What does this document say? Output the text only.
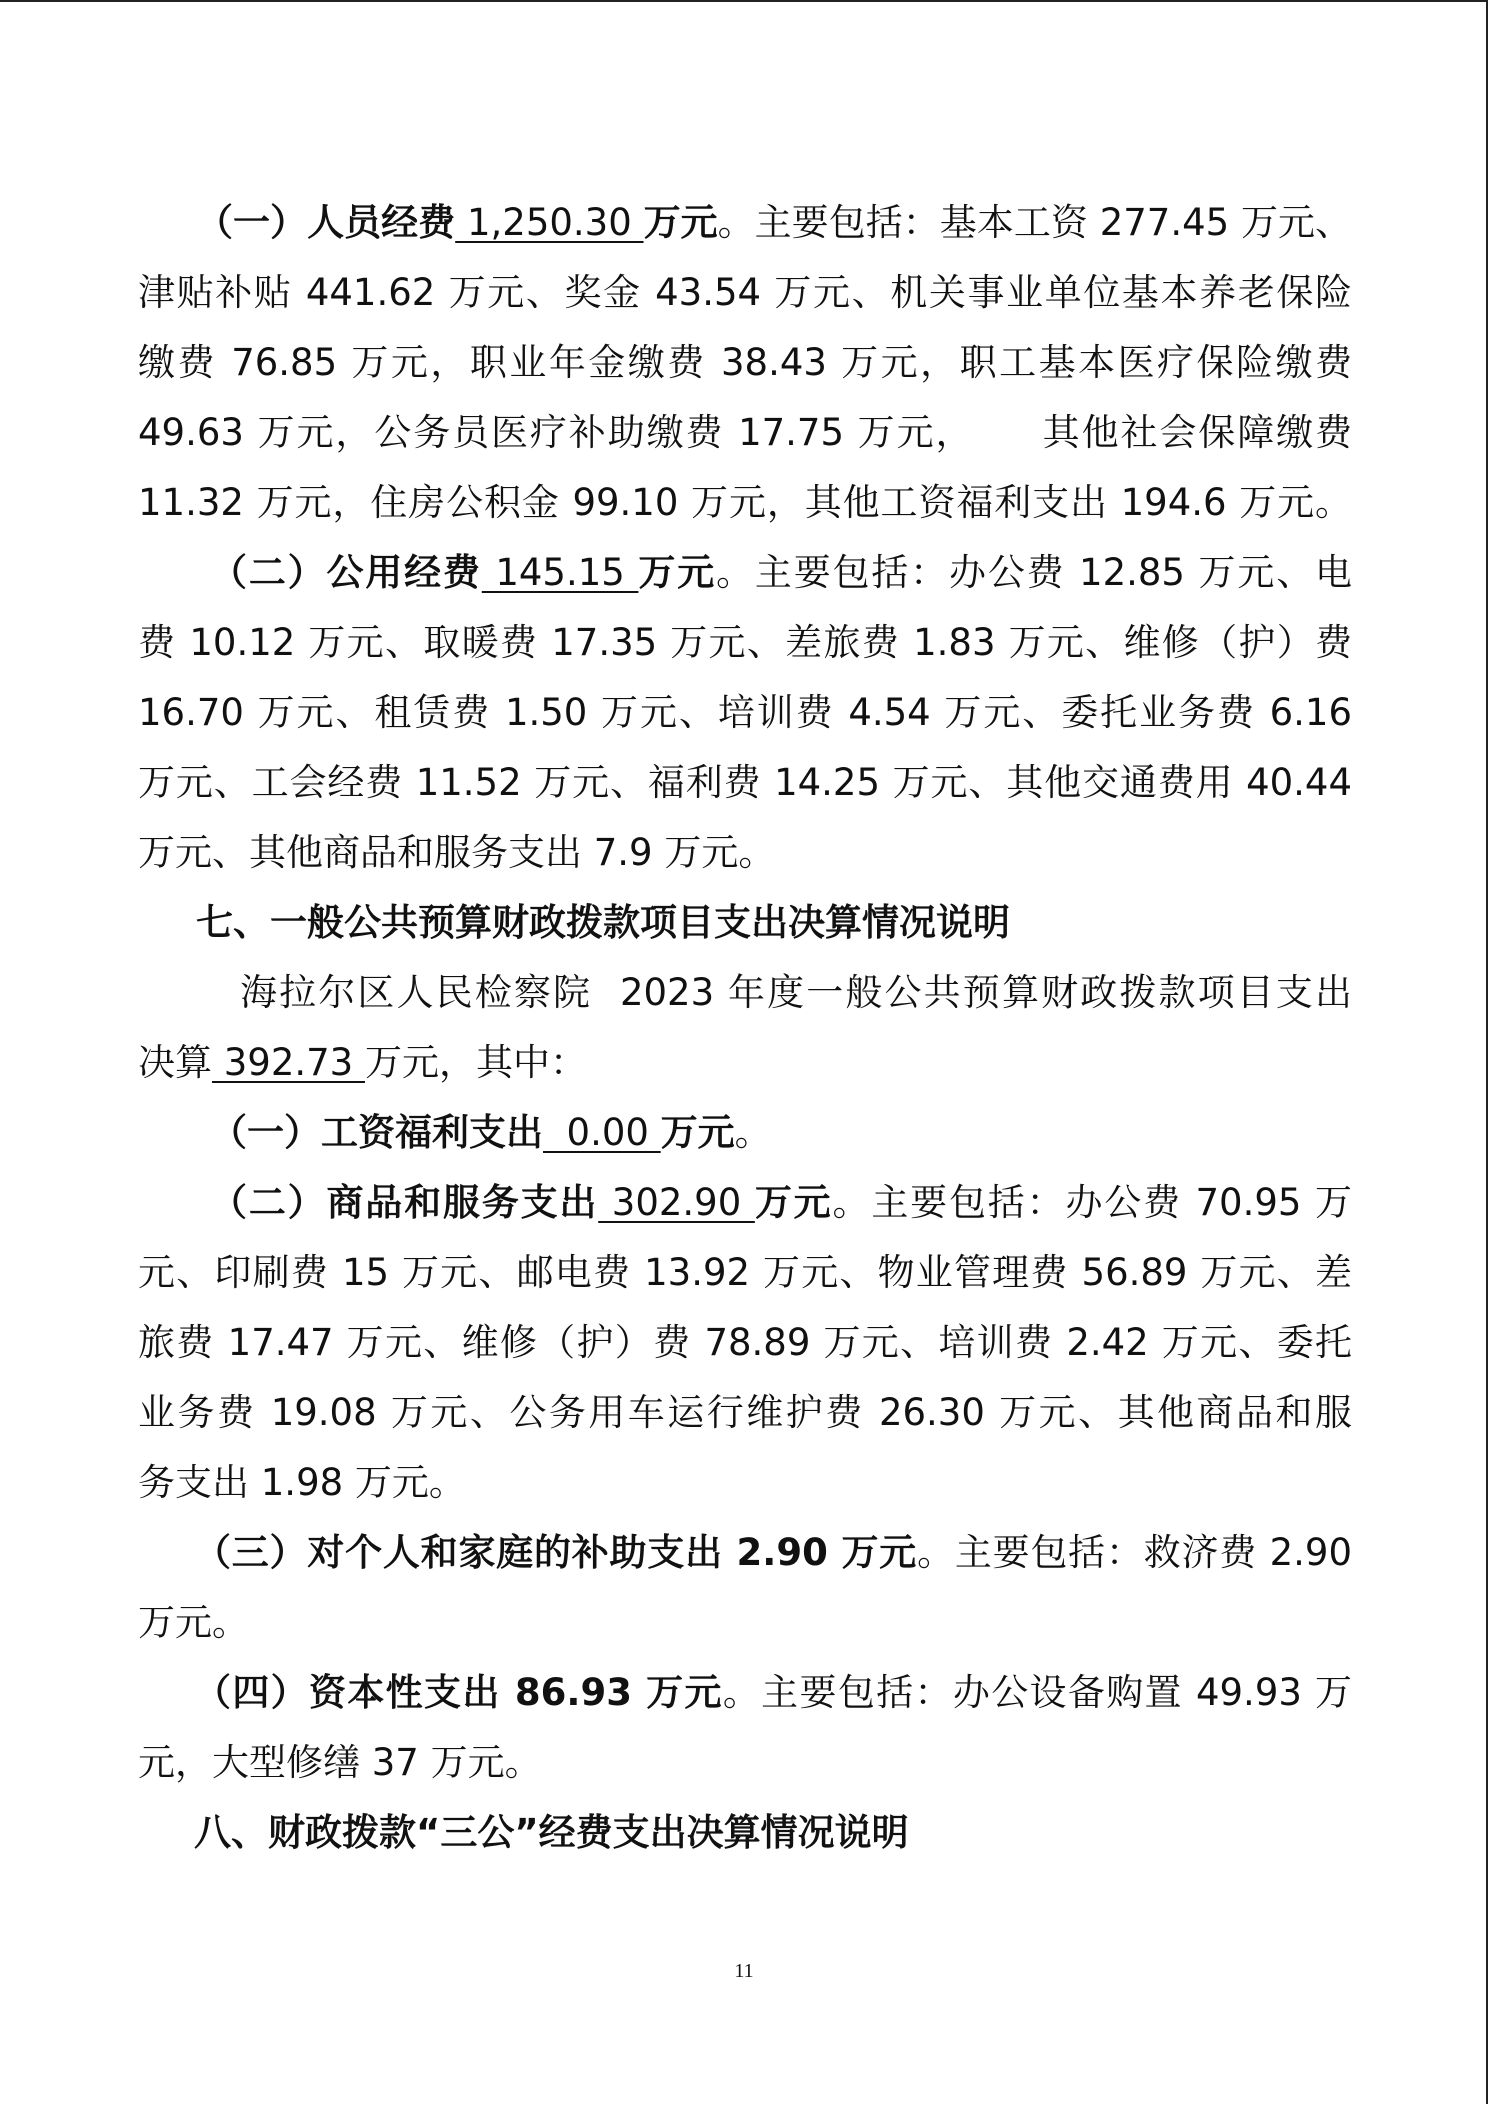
（一）人员经费 1,250.30 万元。主要包括：基本工资 277.45 万元、
津贴补贴 441.62 万元、奖金 43.54 万元、机关事业单位基本养老保险
缴费 76.85 万元，职业年金缴费 38.43 万元，职工基本医疗保险缴费
49.63 万元，公务员医疗补助缴费 17.75 万元，     其他社会保障缴费
11.32 万元，住房公积金 99.10 万元，其他工资福利支出 194.6 万元。
（二）公用经费 145.15 万元。主要包括：办公费 12.85 万元、电
费 10.12 万元、取暖费 17.35 万元、差旅费 1.83 万元、维修（护）费
16.70 万元、租赁费 1.50 万元、培训费 4.54 万元、委托业务费 6.16
万元、工会经费 11.52 万元、福利费 14.25 万元、其他交通费用 40.44
万元、其他商品和服务支出 7.9 万元。
七、一般公共预算财政拨款项目支出决算情况说明
海拉尔区人民检察院  2023 年度一般公共预算财政拨款项目支出
决算 392.73 万元，其中：
（一）工资福利支出  0.00 万元。
（二）商品和服务支出 302.90 万元。主要包括：办公费 70.95 万
元、印刷费 15 万元、邮电费 13.92 万元、物业管理费 56.89 万元、差
旅费 17.47 万元、维修（护）费 78.89 万元、培训费 2.42 万元、委托
业务费 19.08 万元、公务用车运行维护费 26.30 万元、其他商品和服
务支出 1.98 万元。
（三）对个人和家庭的补助支出 2.90 万元。主要包括：救济费 2.90
万元。
（四）资本性支出 86.93 万元。主要包括：办公设备购置 49.93 万
元，大型修缮 37 万元。
八、财政拨款“三公”经费支出决算情况说明
11
